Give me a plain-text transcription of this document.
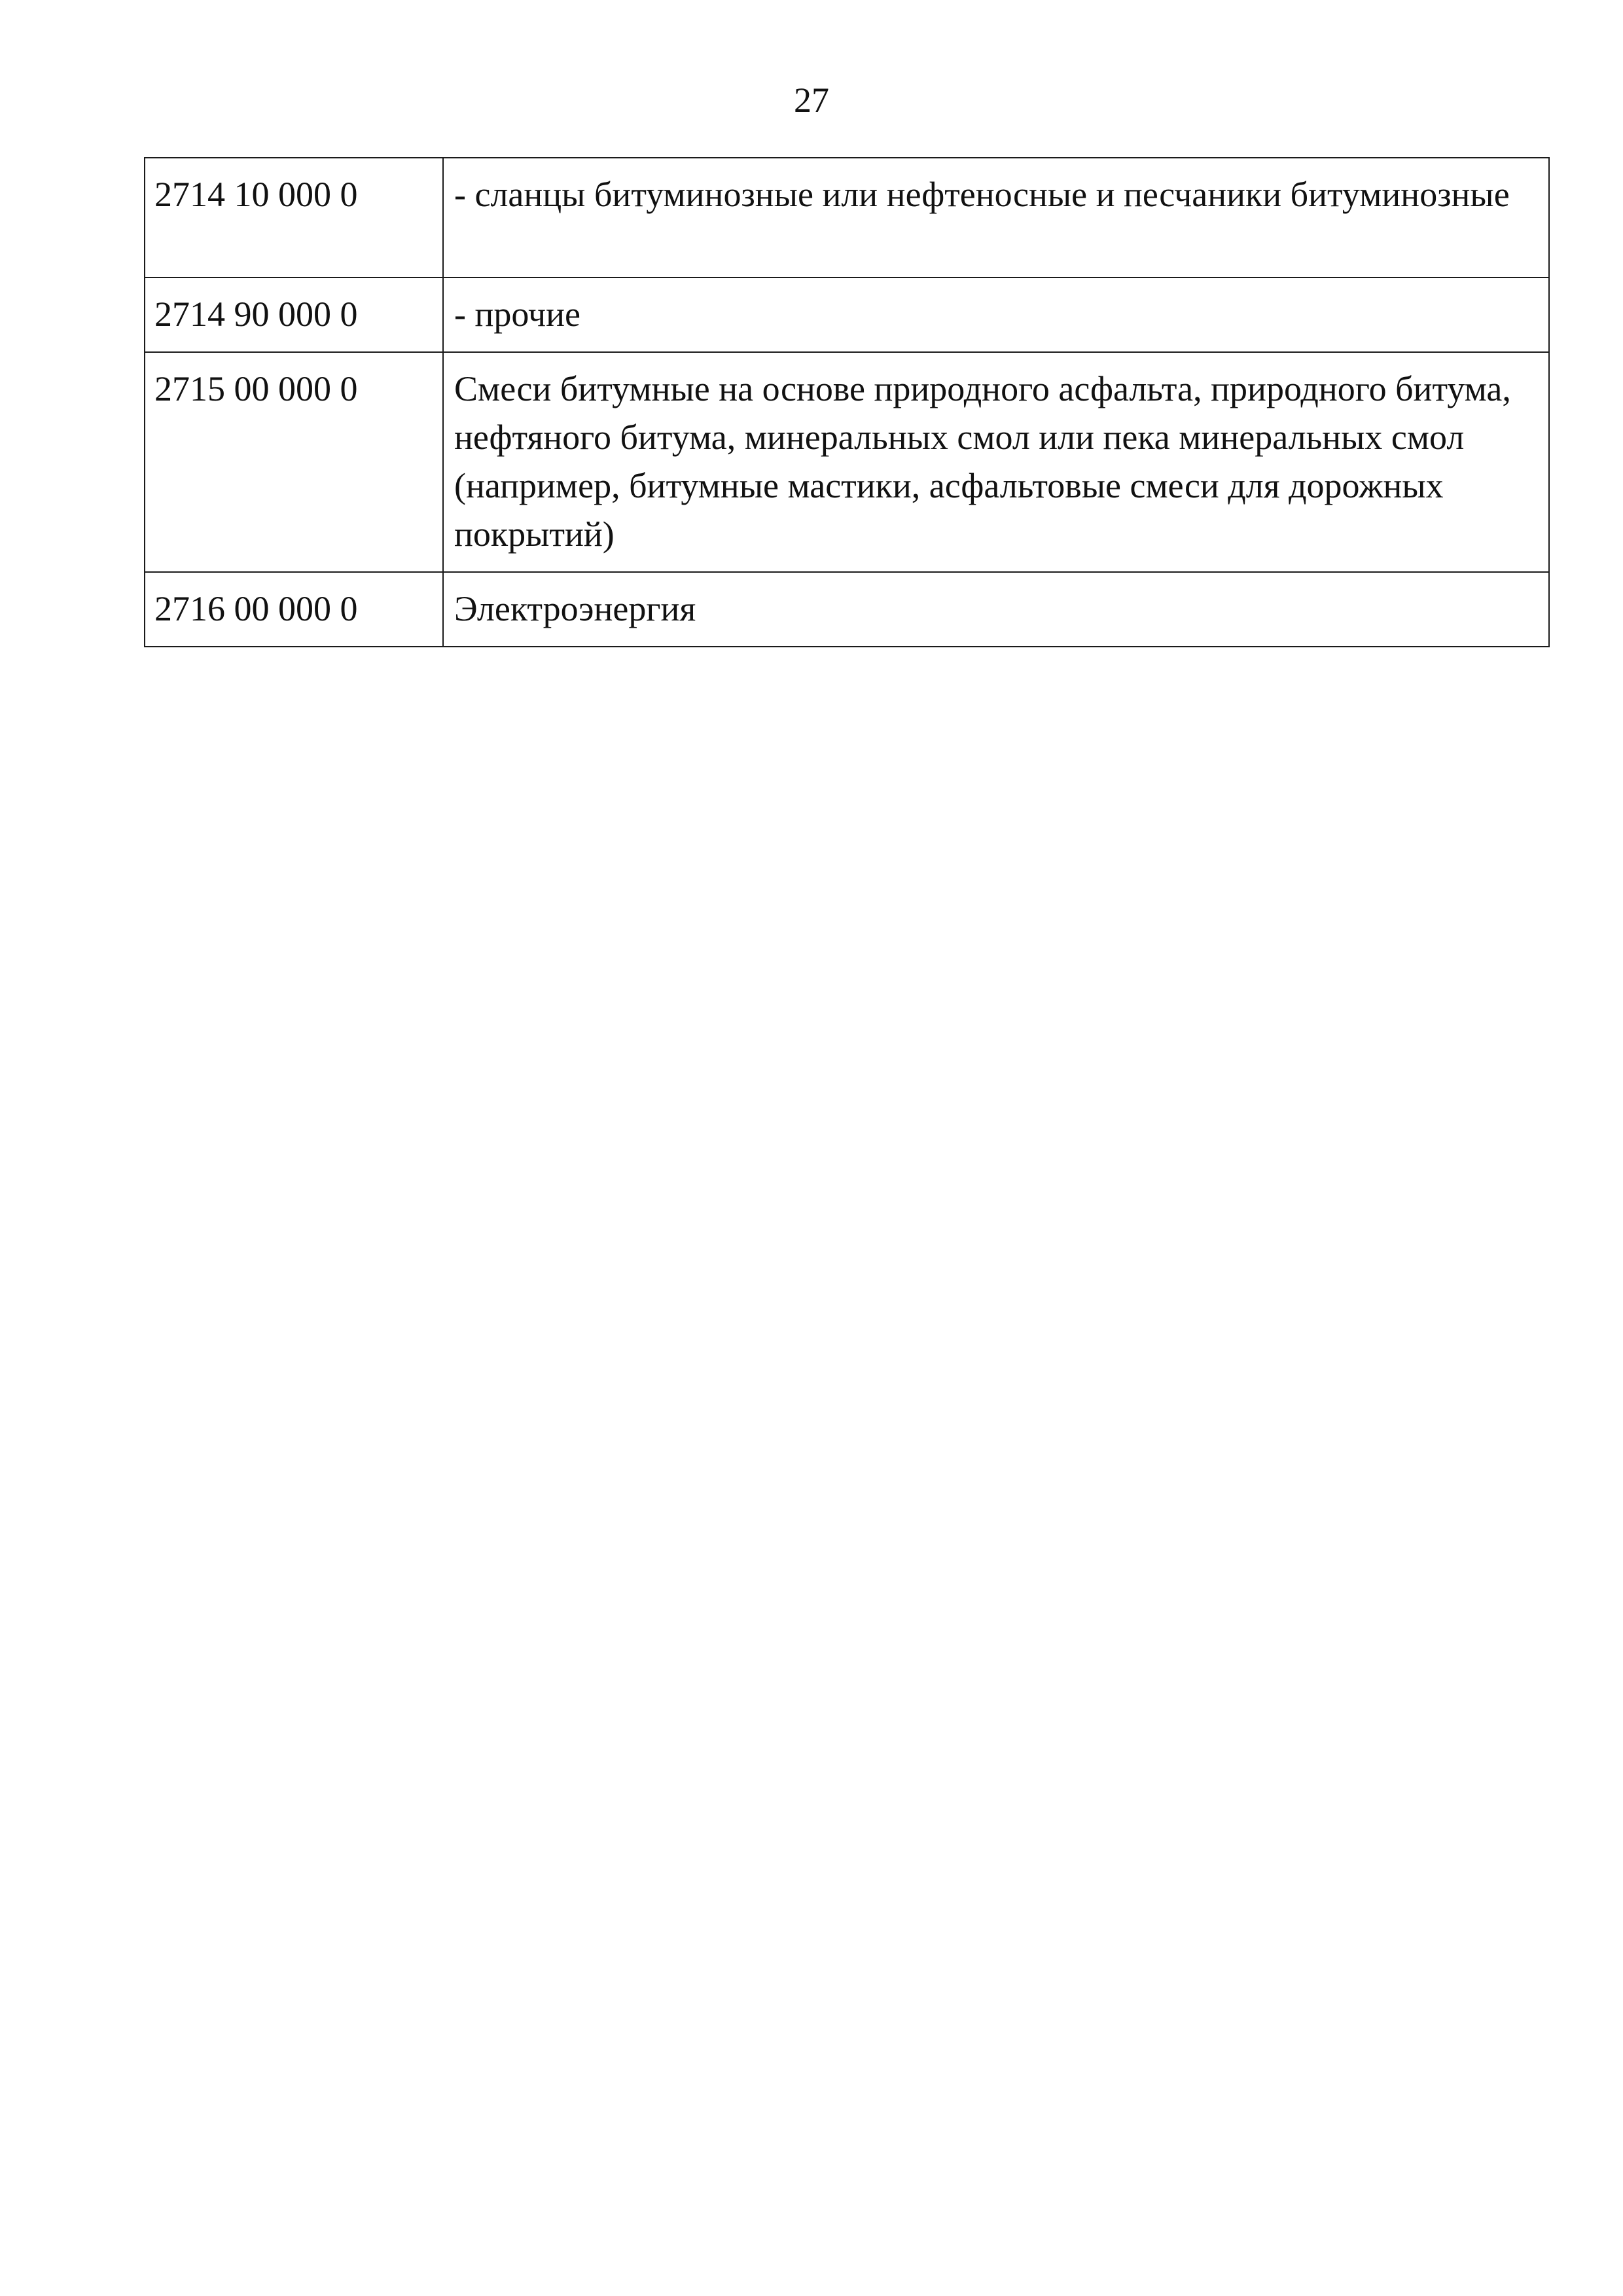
27
2714 10 000 0	- сланцы битуминозные или нефтеносные и песчаники битуминозные
2714 90 000 0	- прочие
2715 00 000 0	Смеси битумные на основе природного асфальта, природного битума, нефтяного битума, минеральных смол или пека минеральных смол (например, битумные мастики, асфальтовые смеси для дорожных покрытий)
2716 00 000 0	Электроэнергия
